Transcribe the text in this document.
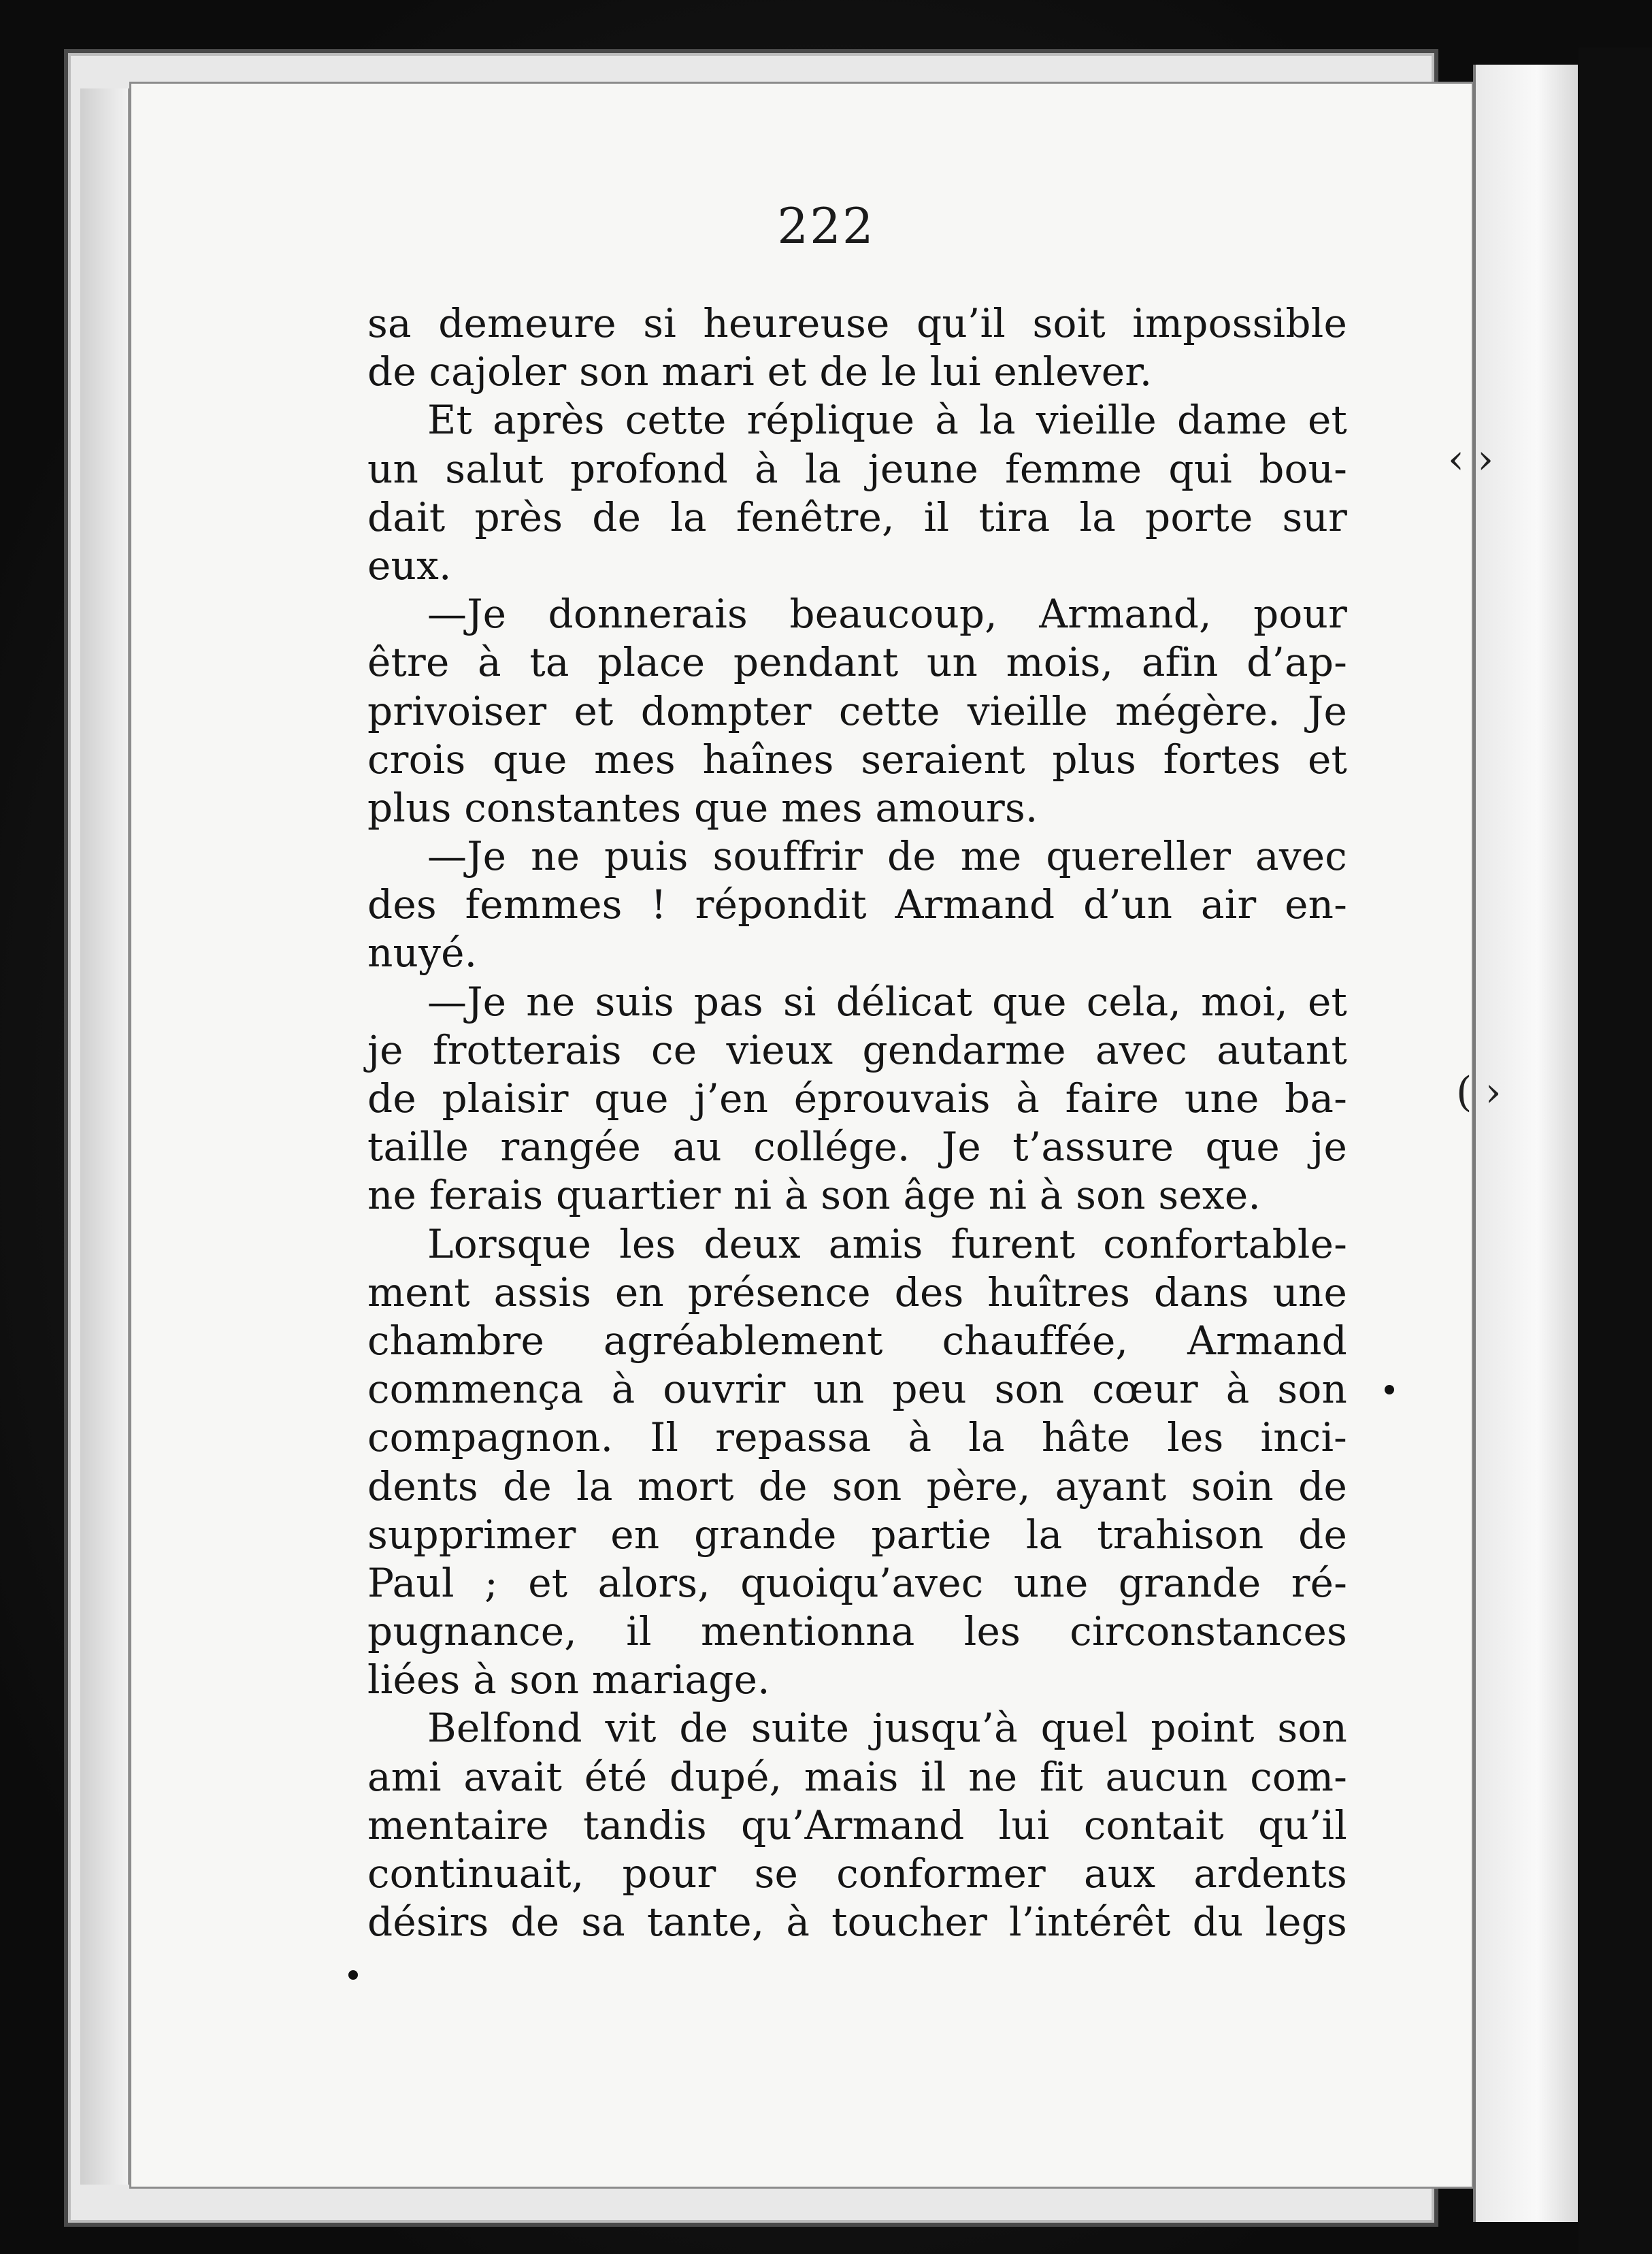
‹ ›
( ›
222
sa demeure si heureuse qu’il soit impossible
de cajoler son mari et de le lui enlever.
Et après cette réplique à la vieille dame et
un salut profond à la jeune femme qui bou-
dait près de la fenêtre, il tira la porte sur
eux.
—Je donnerais beaucoup, Armand, pour
être à ta place pendant un mois, afin d’ap-
privoiser et dompter cette vieille mégère. Je
crois que mes haînes seraient plus fortes et
plus constantes que mes amours.
—Je ne puis souffrir de me quereller avec
des femmes ! répondit Armand d’un air en-
nuyé.
—Je ne suis pas si délicat que cela, moi, et
je frotterais ce vieux gendarme avec autant
de plaisir que j’en éprouvais à faire une ba-
taille rangée au collége. Je t’assure que je
ne ferais quartier ni à son âge ni à son sexe.
Lorsque les deux amis furent confortable-
ment assis en présence des huîtres dans une
chambre agréablement chauffée, Armand
commença à ouvrir un peu son cœur à son
compagnon. Il repassa à la hâte les inci-
dents de la mort de son père, ayant soin de
supprimer en grande partie la trahison de
Paul ; et alors, quoiqu’avec une grande ré-
pugnance, il mentionna les circonstances
liées à son mariage.
Belfond vit de suite jusqu’à quel point son
ami avait été dupé, mais il ne fit aucun com-
mentaire tandis qu’Armand lui contait qu’il
continuait, pour se conformer aux ardents
désirs de sa tante, à toucher l’intérêt du legs
